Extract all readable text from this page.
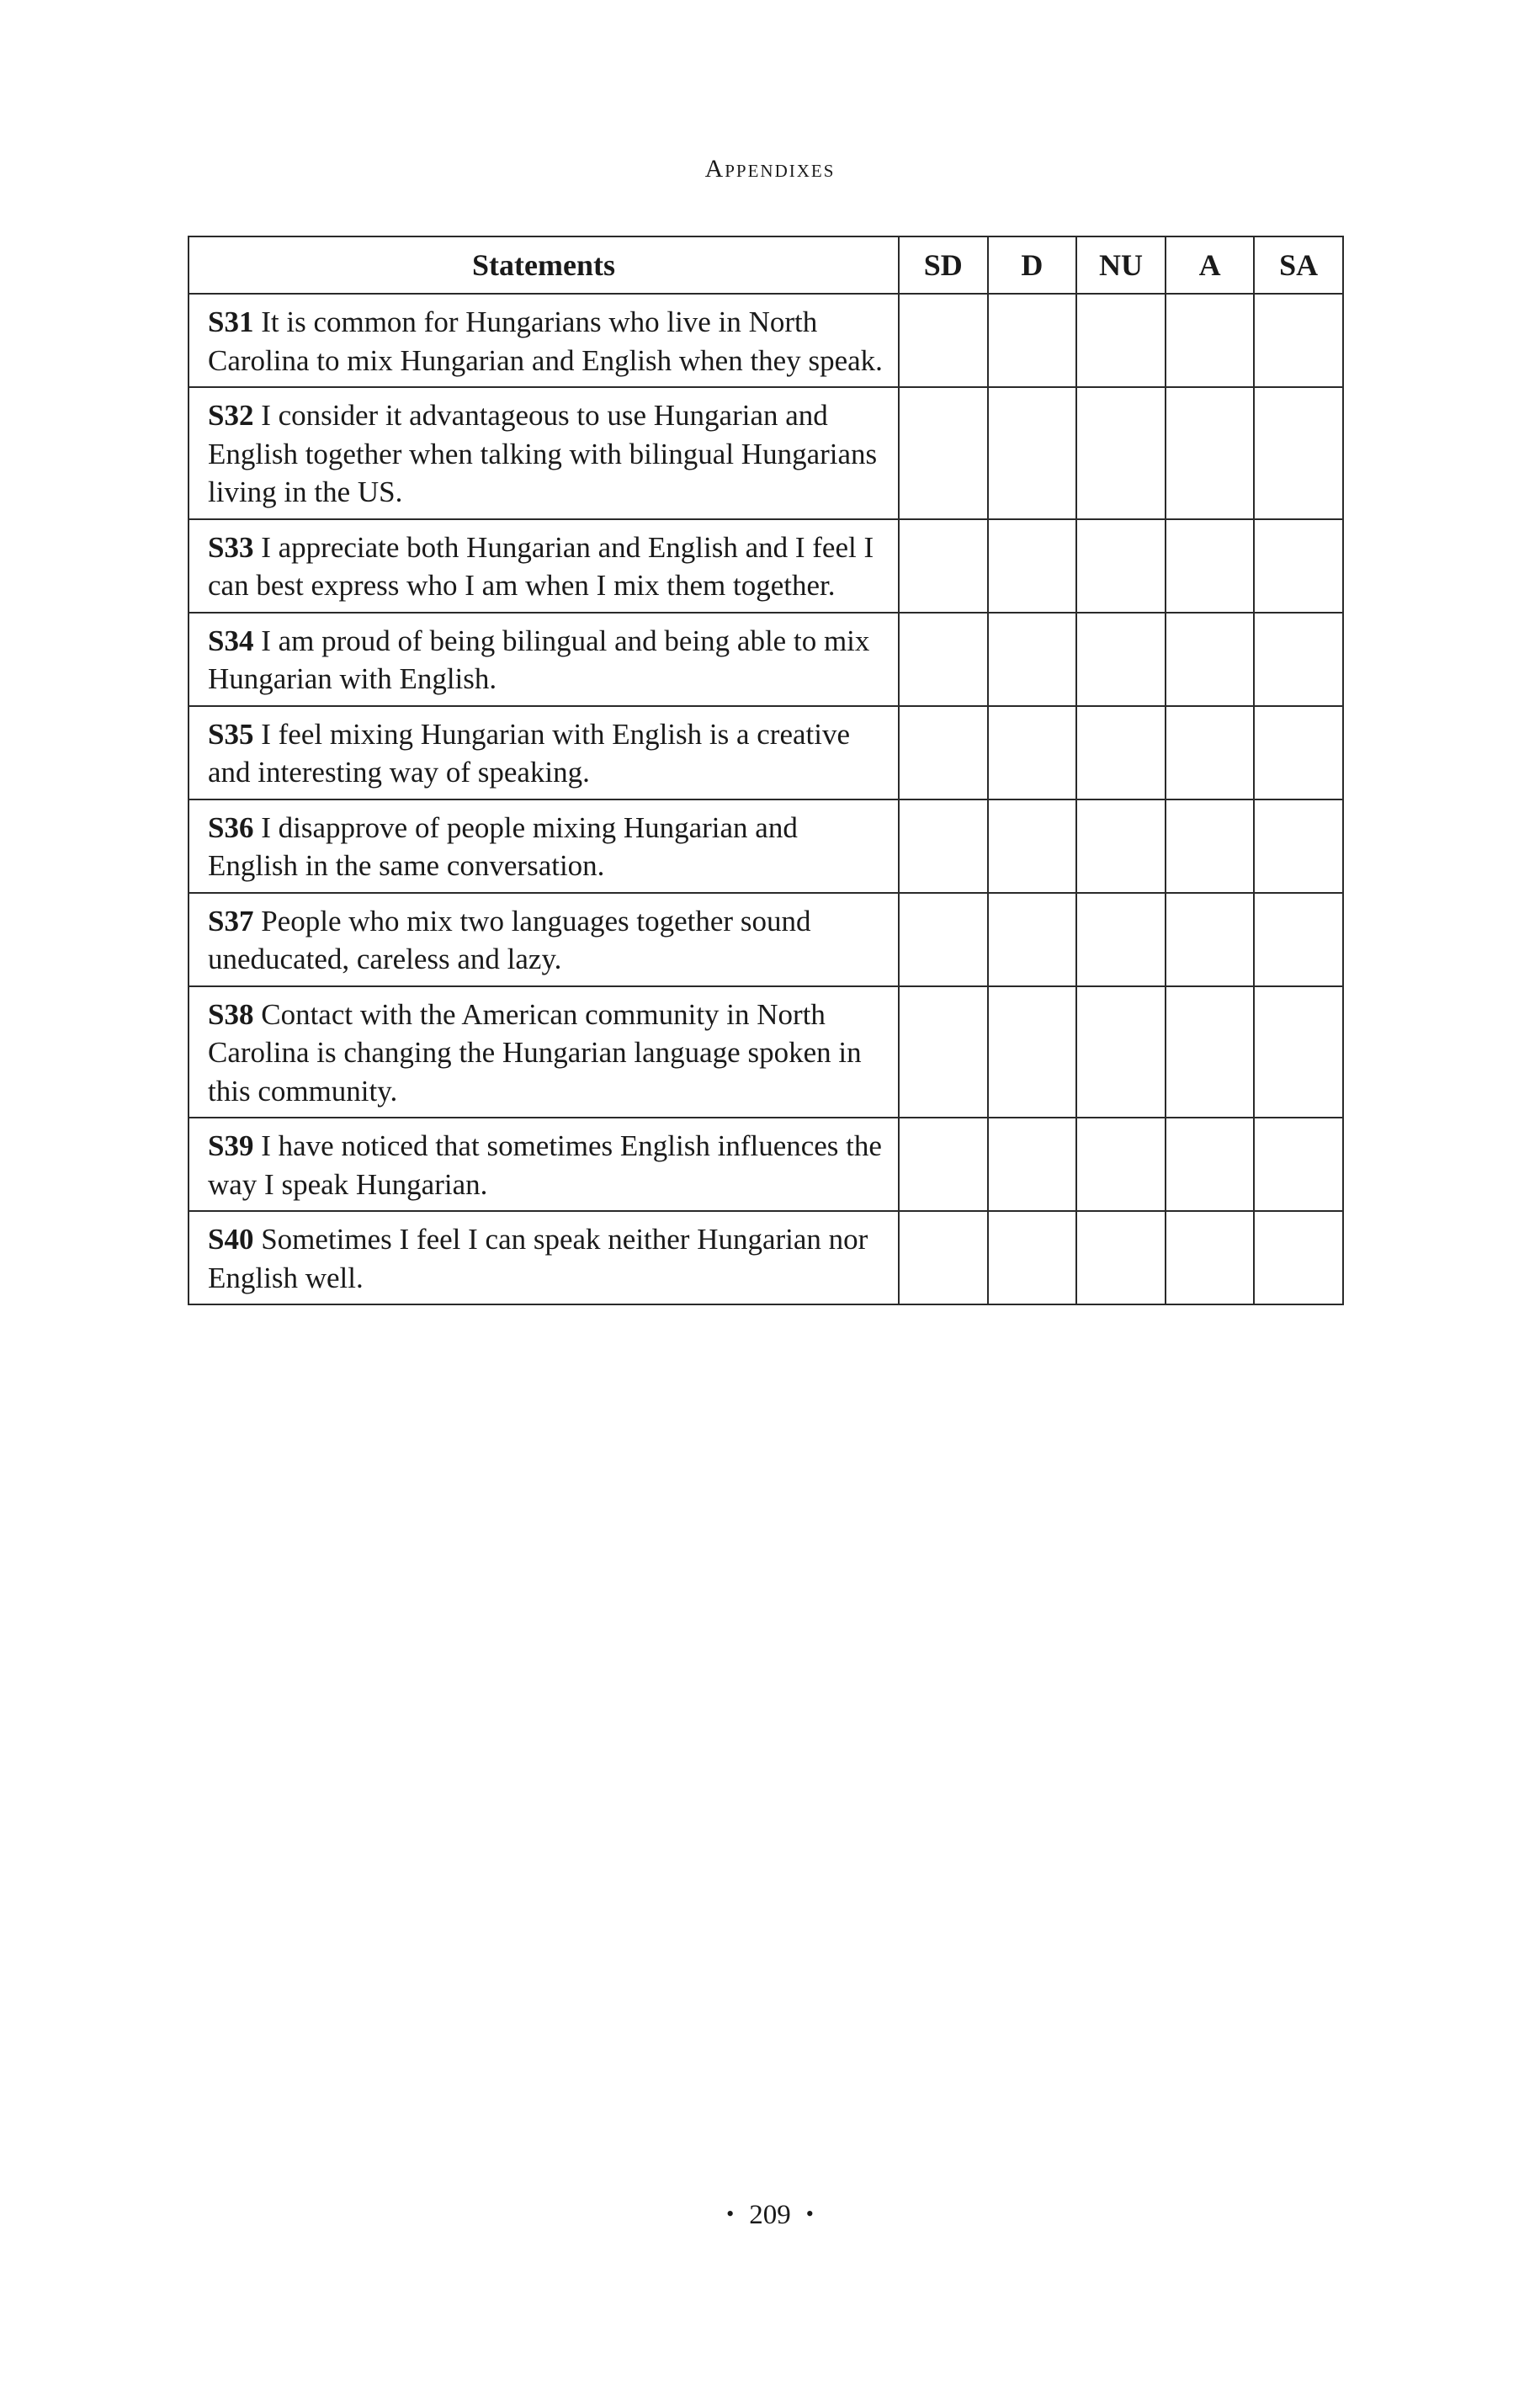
Appendixes
Statements	SD	D	NU	A	SA
S31 It is common for Hungarians who live in North Carolina to mix Hungarian and English when they speak.					
S32 I consider it advantageous to use Hungarian and English together when talking with bilingual Hungarians living in the US.					
S33 I appreciate both Hungarian and English and I feel I can best express who I am when I mix them together.					
S34 I am proud of being bilingual and being able to mix Hungarian with English.					
S35 I feel mixing Hungarian with English is a creative and interesting way of speaking.					
S36 I disapprove of people mixing Hungarian and English in the same conversation.					
S37 People who mix two languages together sound uneducated, careless and lazy.					
S38 Contact with the American community in North Carolina is changing the Hungarian language spoken in this community.					
S39 I have noticed that sometimes English influences the way I speak Hungarian.					
S40 Sometimes I feel I can speak neither Hungarian nor English well.					
• 209 •
